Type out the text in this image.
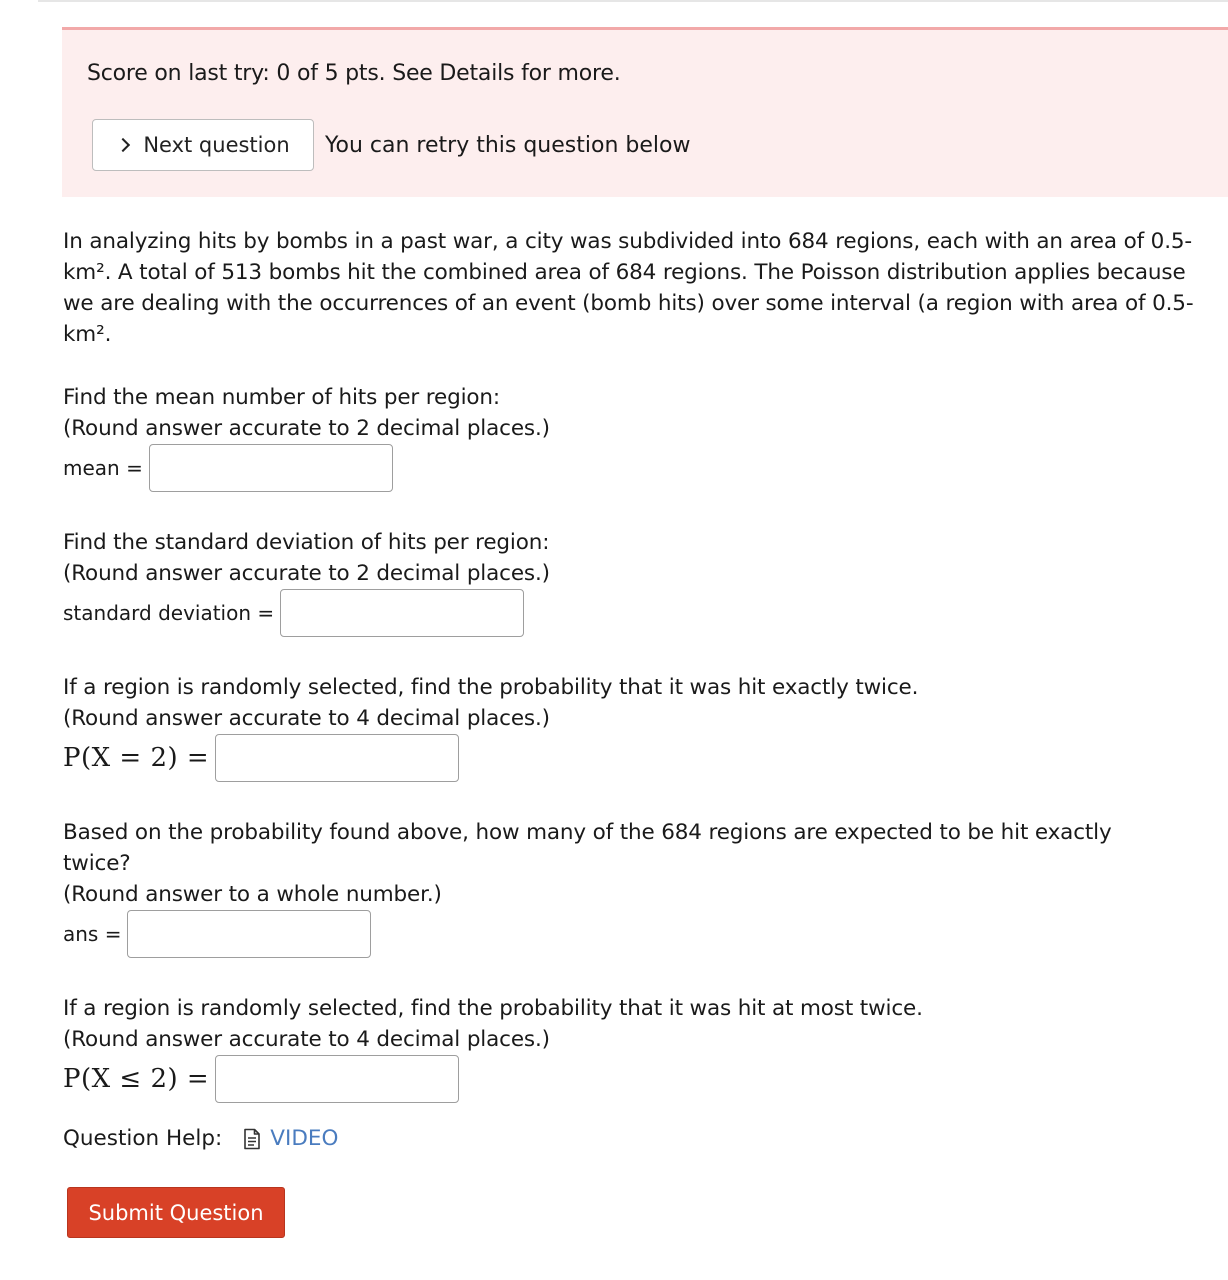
Score on last try: 0 of 5 pts. See Details for more.
Next question You can retry this question below
In analyzing hits by bombs in a past war, a city was subdivided into 684 regions, each with an area of 0.5-km². A total of 513 bombs hit the combined area of 684 regions. The Poisson distribution applies because we are dealing with the occurrences of an event (bomb hits) over some interval (a region with area of 0.5-km².
Find the mean number of hits per region:
(Round answer accurate to 2 decimal places.)
mean =
Find the standard deviation of hits per region:
(Round answer accurate to 2 decimal places.)
standard deviation =
If a region is randomly selected, find the probability that it was hit exactly twice.
(Round answer accurate to 4 decimal places.)
P(X = 2) =
Based on the probability found above, how many of the 684 regions are expected to be hit exactly twice?
(Round answer to a whole number.)
ans =
If a region is randomly selected, find the probability that it was hit at most twice.
(Round answer accurate to 4 decimal places.)
P(X ≤ 2) =
Question Help: VIDEO
Submit Question
